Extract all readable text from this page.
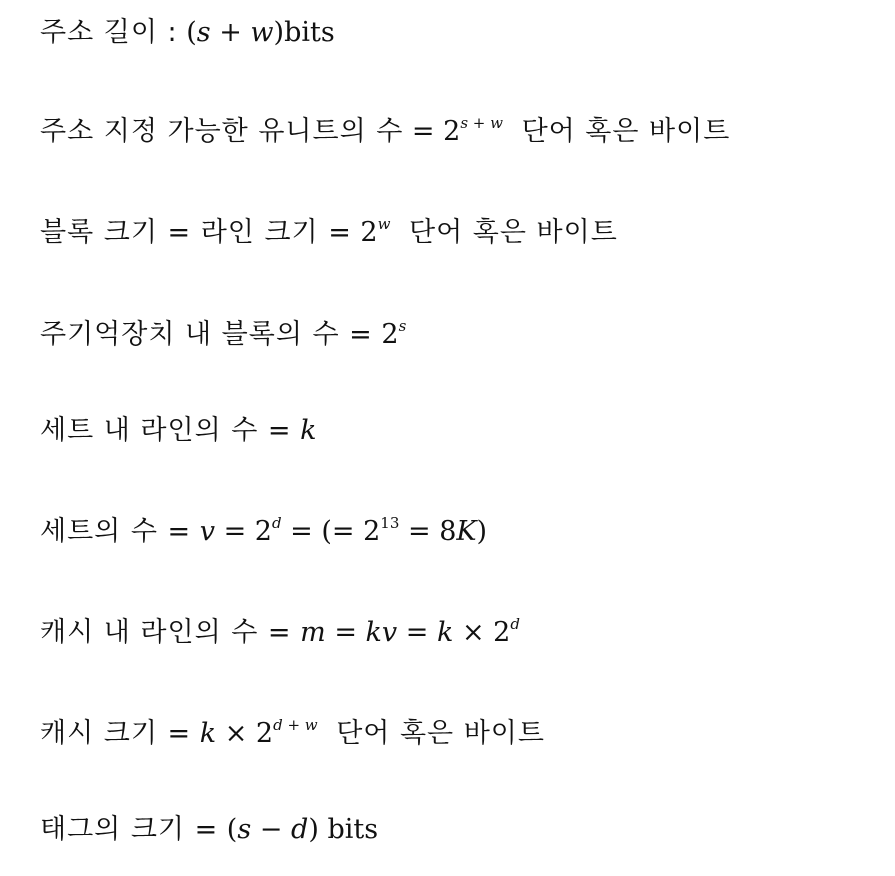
주소 길이 : (s + w)bits
주소 지정 가능한 유니트의 수 = $2^{s + w}$ 단어 혹은 바이트
블록 크기 = 라인 크기 = $2^w$ 단어 혹은 바이트
주기억장치 내 블록의 수 = $2^s$
세트 내 라인의 수 = k
세트의 수 = $v = 2^d$ = (= $2^{13} = 8K$)
캐시 내 라인의 수 = m = kv = $k \times 2^d$
캐시 크기 = $k \times 2^{d + w}$ 단어 혹은 바이트
태그의 크기 = (s − d) bits
